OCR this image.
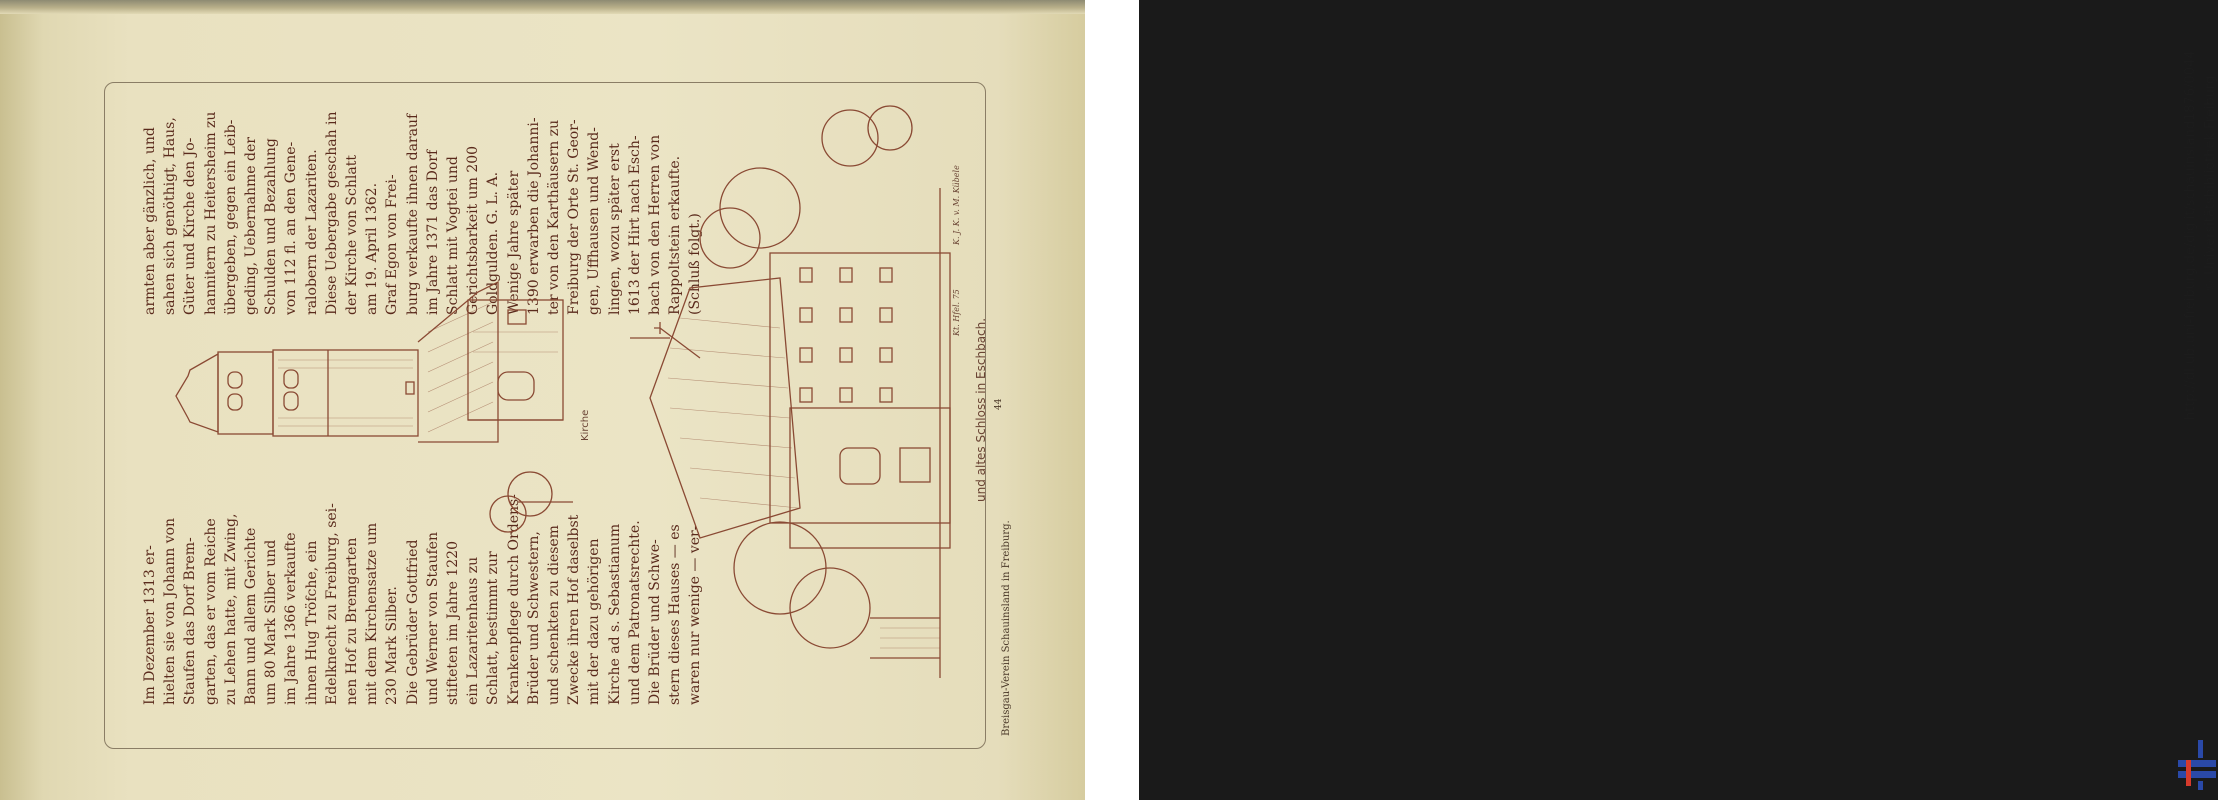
Im Dezember 1313 er- hielten sie von Johann von Staufen das Dorf Brem- garten, das er vom Reiche zu Lehen hatte, mit Zwing, Bann und allem Gerichte um 80 Mark Silber und im Jahre 1366 verkaufte ihnen Hug Tröfche, ein Edelknecht zu Freiburg, sei- nen Hof zu Bremgarten mit dem Kirchensatze um 230 Mark Silber. Die Gebrüder Gottfried und Werner von Staufen stifteten im Jahre 1220 ein Lazaritenhaus zu Schlatt, bestimmt zur Krankenpflege durch Ordens- Brüder und Schwestern, und schenkten zu diesem Zwecke ihren Hof daselbst mit der dazu gehörigen Kirche ad s. Sebastianum und dem Patronatsrechte. Die Brüder und Schwe- stern dieses Hauses — es waren nur wenige — ver-
armten aber gänzlich, und sahen sich genöthigt, Haus, Güter und Kirche den Jo- hannitern zu Heitersheim zu übergeben, gegen ein Leib- geding, Uebernahme der Schulden und Bezahlung von 112 fl. an den Gene- ralobern der Lazariten. Diese Uebergabe geschah in der Kirche von Schlatt am 19. April 1362. Graf Egon von Frei- burg verkaufte ihnen darauf im Jahre 1371 das Dorf Schlatt mit Vogtei und Gerichtsbarkeit um 200 Goldgulden. G. L. A. Wenige Jahre später 1390 erwarben die Johanni- ter von den Karthäusern zu Freiburg der Orte St. Geor- gen, Uffhausen und Wend- lingen, wozu später erst 1613 der Hirt nach Esch- bach von den Herren von Rappoltstein erkaufte. (Schluß folgt.)
Kirche	und altes Schloss in Eschbach.
Kt. Hfel. 75
K. J. K. v. M. Kübele
44
Breisgau-Verein Schauinsland in Freiburg.
http://dl.ub.uni-freiburg.de/diglit/schauinsland1876/0044 © Universitätsbibliothek Freiburg
